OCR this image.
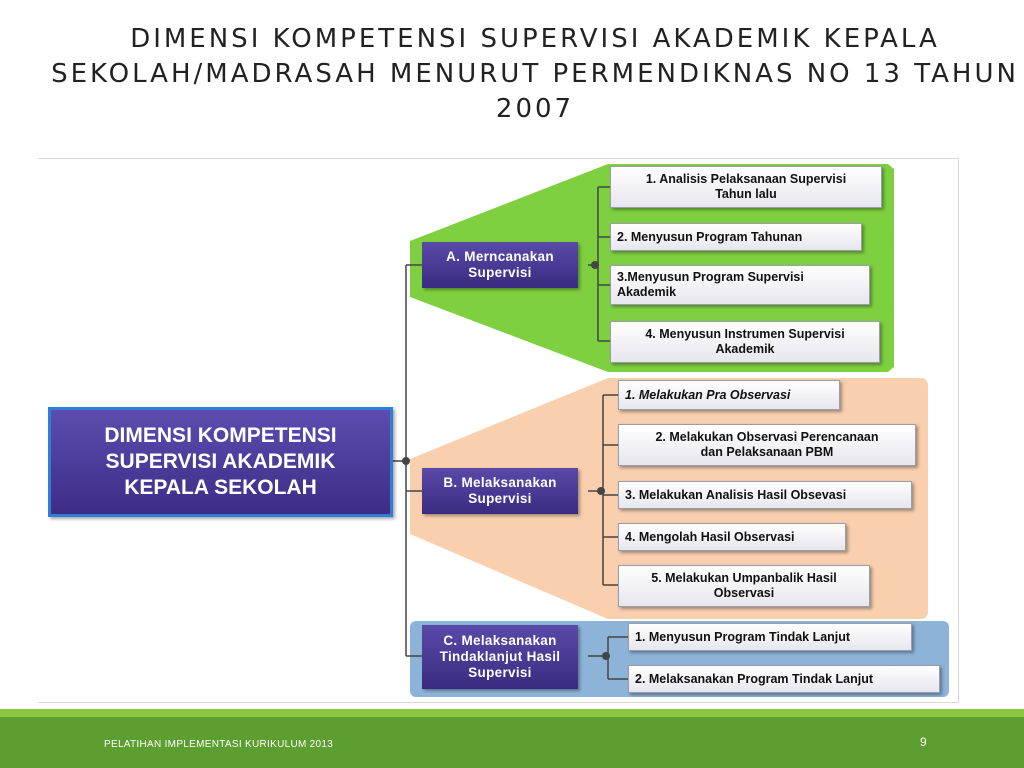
DIMENSI KOMPETENSI SUPERVISI AKADEMIK KEPALA SEKOLAH/MADRASAH MENURUT PERMENDIKNAS NO 13 TAHUN 2007
DIMENSI KOMPETENSI
SUPERVISI AKADEMIK
KEPALA SEKOLAH
A. Merncanakan
Supervisi
1. Analisis Pelaksanaan Supervisi
Tahun lalu
2. Menyusun Program Tahunan
3.Menyusun Program Supervisi
Akademik
4. Menyusun Instrumen Supervisi
Akademik
B. Melaksanakan
Supervisi
1. Melakukan Pra Observasi
2. Melakukan Observasi Perencanaan
dan Pelaksanaan PBM
3. Melakukan Analisis Hasil Obsevasi
4. Mengolah Hasil Observasi
5. Melakukan Umpanbalik Hasil
Observasi
C. Melaksanakan
Tindaklanjut Hasil
Supervisi
1. Menyusun Program Tindak Lanjut
2. Melaksanakan Program Tindak Lanjut
PELATIHAN IMPLEMENTASI KURIKULUM 2013	9
